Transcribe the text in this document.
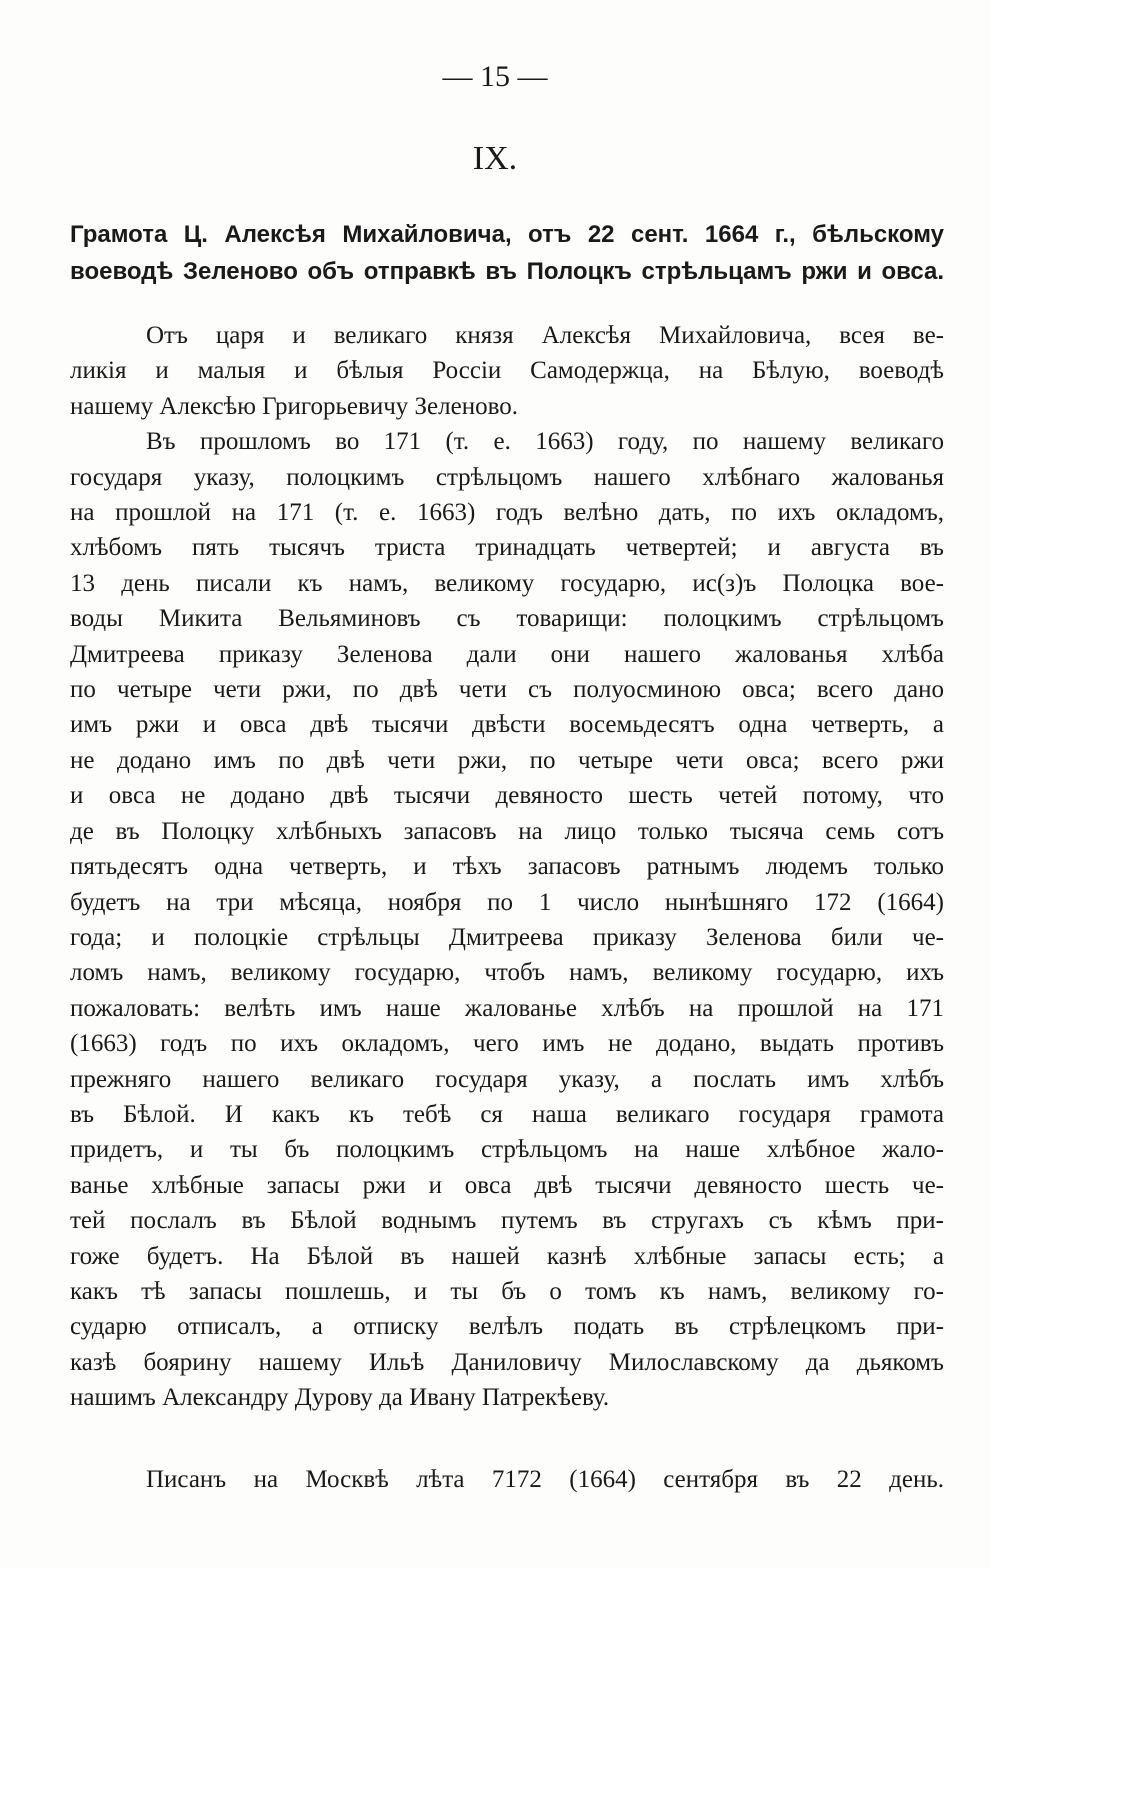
— 15 —
IX.
Грамота Ц. Алексѣя Михайловича, отъ 22 сент. 1664 г., бѣльскому
воеводѣ Зеленово объ отправкѣ въ Полоцкъ стрѣльцамъ ржи и овса.
Отъ царя и великаго князя Алексѣя Михайловича, всея ве-
ликія и малыя и бѣлыя Россіи Самодержца, на Бѣлую, воеводѣ
нашему Алексѣю Григорьевичу Зеленово.
Въ прошломъ во 171 (т. е. 1663) году, по нашему великаго
государя указу, полоцкимъ стрѣльцомъ нашего хлѣбнаго жалованья
на прошлой на 171 (т. е. 1663) годъ велѣно дать, по ихъ окладомъ,
хлѣбомъ пять тысячъ триста тринадцать четвертей; и августа въ
13 день писали къ намъ, великому государю, ис(з)ъ Полоцка вое-
воды Микита Вельяминовъ съ товарищи: полоцкимъ стрѣльцомъ
Дмитреева приказу Зеленова дали они нашего жалованья хлѣба
по четыре чети ржи, по двѣ чети съ полуосминою овса; всего дано
имъ ржи и овса двѣ тысячи двѣсти восемьдесятъ одна четверть, а
не додано имъ по двѣ чети ржи, по четыре чети овса; всего ржи
и овса не додано двѣ тысячи девяносто шесть четей потому, что
де въ Полоцку хлѣбныхъ запасовъ на лицо только тысяча семь сотъ
пятьдесятъ одна четверть, и тѣхъ запасовъ ратнымъ людемъ только
будетъ на три мѣсяца, ноября по 1 число нынѣшняго 172 (1664)
года; и полоцкіе стрѣльцы Дмитреева приказу Зеленова били че-
ломъ намъ, великому государю, чтобъ намъ, великому государю, ихъ
пожаловать: велѣть имъ наше жалованье хлѣбъ на прошлой на 171
(1663) годъ по ихъ окладомъ, чего имъ не додано, выдать противъ
прежняго нашего великаго государя указу, а послать имъ хлѣбъ
въ Бѣлой. И какъ къ тебѣ ся наша великаго государя грамота
придетъ, и ты бъ полоцкимъ стрѣльцомъ на наше хлѣбное жало-
ванье хлѣбные запасы ржи и овса двѣ тысячи девяносто шесть че-
тей послалъ въ Бѣлой воднымъ путемъ въ стругахъ съ кѣмъ при-
гоже будетъ. На Бѣлой въ нашей казнѣ хлѣбные запасы есть; а
какъ тѣ запасы пошлешь, и ты бъ о томъ къ намъ, великому го-
сударю отписалъ, а отписку велѣлъ подать въ стрѣлецкомъ при-
казѣ боярину нашему Ильѣ Даниловичу Милославскому да дьякомъ
нашимъ Александру Дурову да Ивану Патрекѣеву.
Писанъ на Москвѣ лѣта 7172 (1664) сентября въ 22 день.
